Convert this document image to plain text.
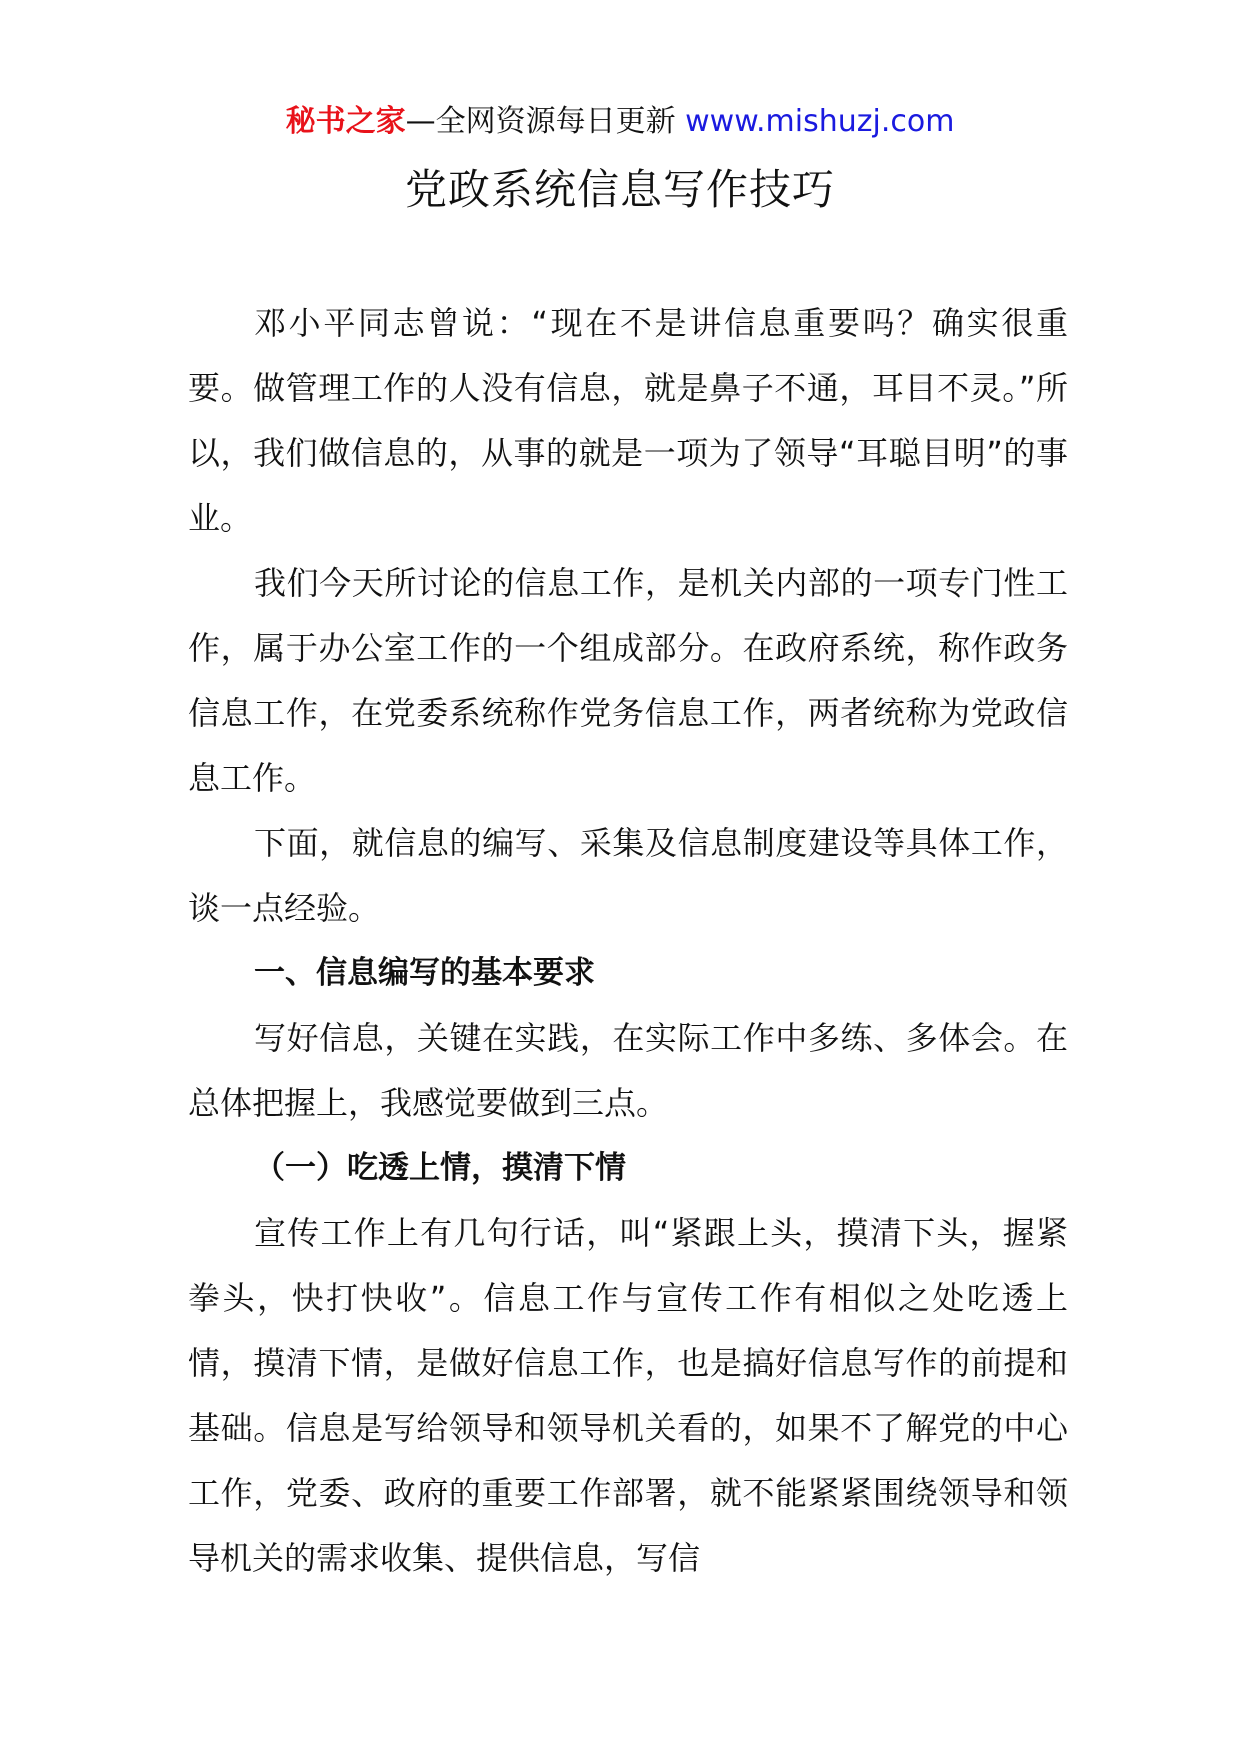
秘书之家—全网资源每日更新 www.mishuzj.com
党政系统信息写作技巧

邓小平同志曾说：“现在不是讲信息重要吗？确实很重要。做管理工作的人没有信息，就是鼻子不通，耳目不灵。”所以，我们做信息的，从事的就是一项为了领导“耳聪目明”的事业。

我们今天所讨论的信息工作，是机关内部的一项专门性工作，属于办公室工作的一个组成部分。在政府系统，称作政务信息工作，在党委系统称作党务信息工作，两者统称为党政信息工作。

下面，就信息的编写、采集及信息制度建设等具体工作，谈一点经验。

一、信息编写的基本要求

写好信息，关键在实践，在实际工作中多练、多体会。在总体把握上，我感觉要做到三点。

（一）吃透上情，摸清下情

宣传工作上有几句行话，叫“紧跟上头，摸清下头，握紧拳头，快打快收”。信息工作与宣传工作有相似之处吃透上情，摸清下情，是做好信息工作，也是搞好信息写作的前提和基础。信息是写给领导和领导机关看的，如果不了解党的中心工作，党委、政府的重要工作部署，就不能紧紧围绕领导和领导机关的需求收集、提供信息，写信
